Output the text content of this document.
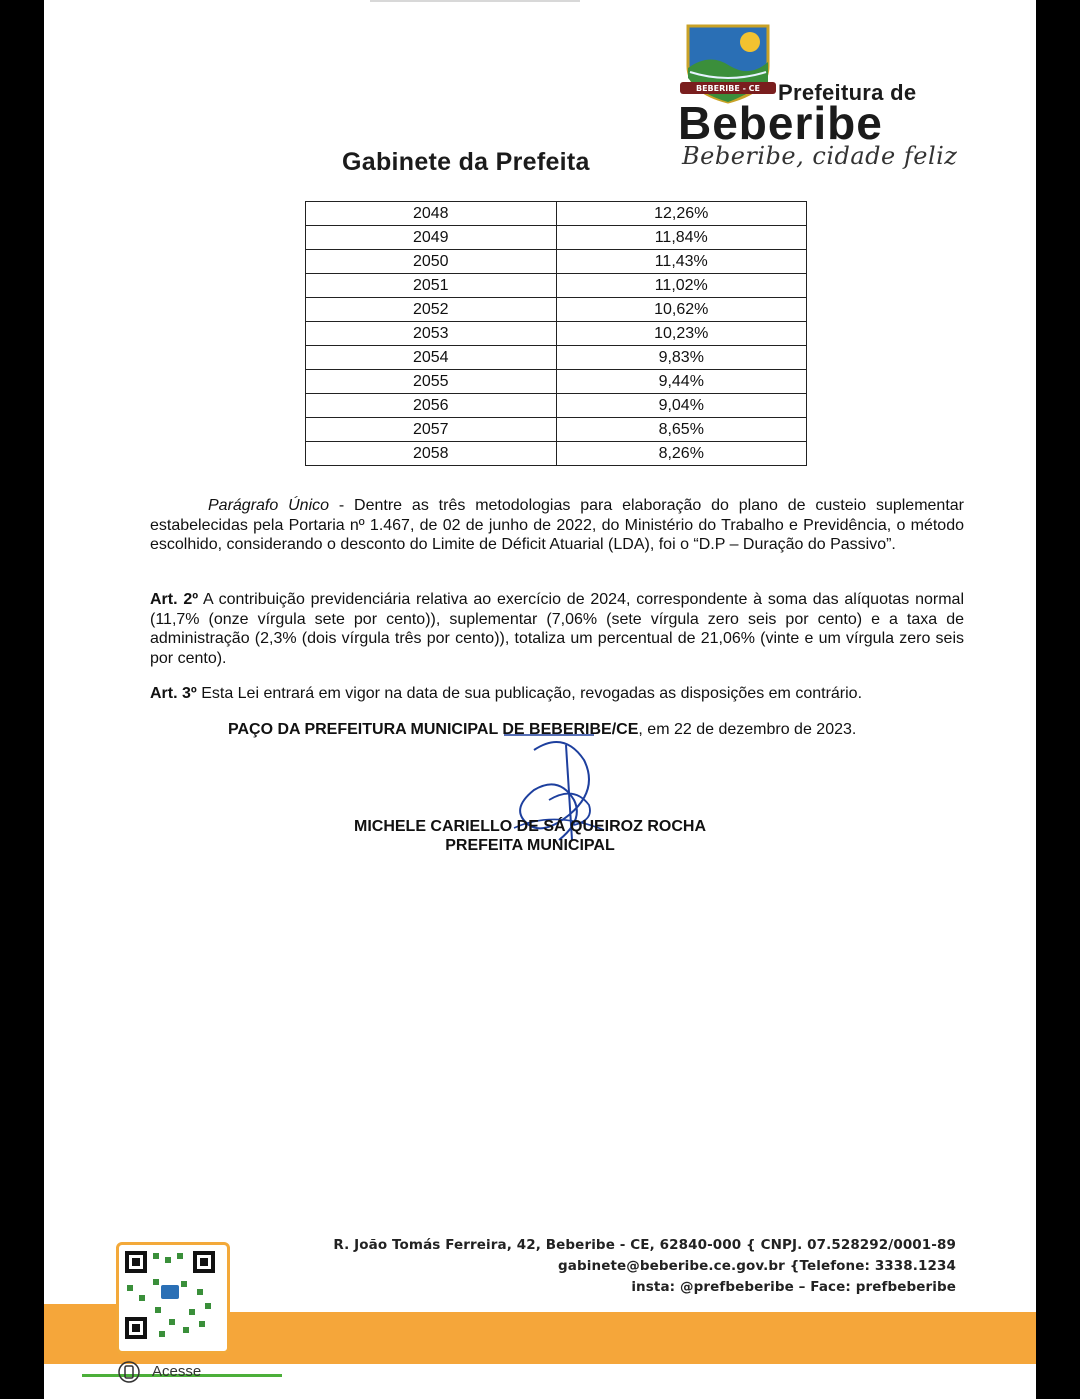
BEBERIBE - CE Prefeitura de
Beberibe
Beberibe, cidade feliz
Gabinete da Prefeita
2048	12,26%
2049	11,84%
2050	11,43%
2051	11,02%
2052	10,62%
2053	10,23%
2054	9,83%
2055	9,44%
2056	9,04%
2057	8,65%
2058	8,26%
Parágrafo Único - Dentre as três metodologias para elaboração do plano de custeio suplementar estabelecidas pela Portaria nº 1.467, de 02 de junho de 2022, do Ministério do Trabalho e Previdência, o método escolhido, considerando o desconto do Limite de Déficit Atuarial (LDA), foi o “D.P – Duração do Passivo”.
Art. 2º A contribuição previdenciária relativa ao exercício de 2024, correspondente à soma das alíquotas normal (11,7% (onze vírgula sete por cento)), suplementar (7,06% (sete vírgula zero seis por cento) e a taxa de administração (2,3% (dois vírgula três por cento)), totaliza um percentual de 21,06% (vinte e um vírgula zero seis por cento).
Art. 3º Esta Lei entrará em vigor na data de sua publicação, revogadas as disposições em contrário.
PAÇO DA PREFEITURA MUNICIPAL DE BEBERIBE/CE, em 22 de dezembro de 2023.
MICHELE CARIELLO DE SÁ QUEIROZ ROCHA
PREFEITA MUNICIPAL
R. João Tomás Ferreira, 42, Beberibe - CE, 62840-000 { CNPJ. 07.528292/0001-89
gabinete@beberibe.ce.gov.br {Telefone: 3338.1234
insta: @prefbeberibe – Face: prefbeberibe
Acesse
